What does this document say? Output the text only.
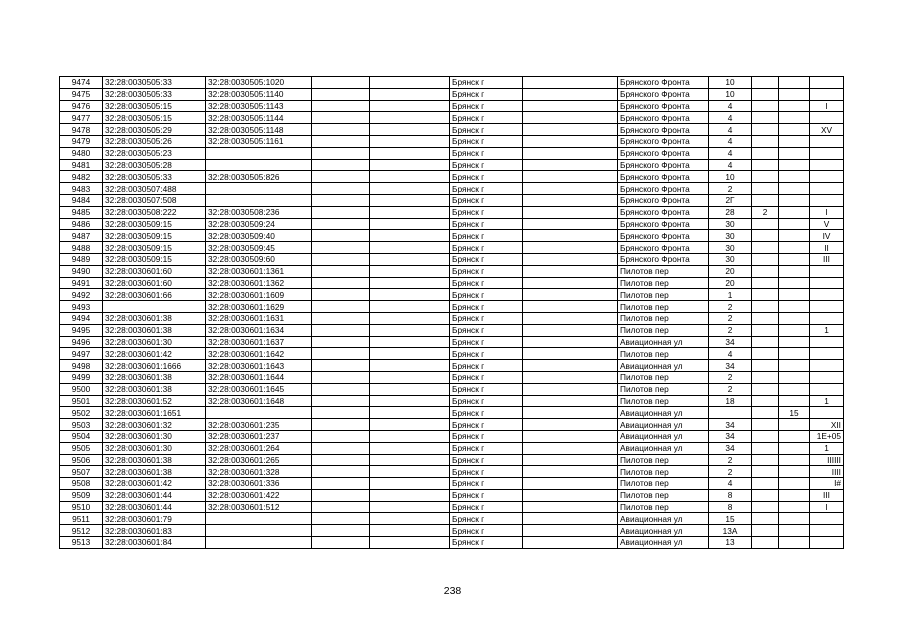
9474	32:28:0030505:33	32:28:0030505:1020			Брянск г		Брянского Фронта	10			
9475	32:28:0030505:33	32:28:0030505:1140			Брянск г		Брянского Фронта	10			
9476	32:28:0030505:15	32:28:0030505:1143			Брянск г		Брянского Фронта	4			I
9477	32:28:0030505:15	32:28:0030505:1144			Брянск г		Брянского Фронта	4			
9478	32:28:0030505:29	32:28:0030505:1148			Брянск г		Брянского Фронта	4			XV
9479	32:28:0030505:26	32:28:0030505:1161			Брянск г		Брянского Фронта	4			
9480	32:28:0030505:23				Брянск г		Брянского Фронта	4			
9481	32:28:0030505:28				Брянск г		Брянского Фронта	4			
9482	32:28:0030505:33	32:28:0030505:826			Брянск г		Брянского Фронта	10			
9483	32:28:0030507:488				Брянск г		Брянского Фронта	2			
9484	32:28:0030507:508				Брянск г		Брянского Фронта	2Г			
9485	32:28:0030508:222	32:28:0030508:236			Брянск г		Брянского Фронта	28	2		I
9486	32:28:0030509:15	32:28:0030509:24			Брянск г		Брянского Фронта	30			V
9487	32:28:0030509:15	32:28:0030509:40			Брянск г		Брянского Фронта	30			IV
9488	32:28:0030509:15	32:28:0030509:45			Брянск г		Брянского Фронта	30			II
9489	32:28:0030509:15	32:28:0030509:60			Брянск г		Брянского Фронта	30			III
9490	32:28:0030601:60	32:28:0030601:1361			Брянск г		Пилотов пер	20			
9491	32:28:0030601:60	32:28:0030601:1362			Брянск г		Пилотов пер	20			
9492	32:28:0030601:66	32:28:0030601:1609			Брянск г		Пилотов пер	1			
9493		32:28:0030601:1629			Брянск г		Пилотов пер	2			
9494	32:28:0030601:38	32:28:0030601:1631			Брянск г		Пилотов пер	2			
9495	32:28:0030601:38	32:28:0030601:1634			Брянск г		Пилотов пер	2			1
9496	32:28:0030601:30	32:28:0030601:1637			Брянск г		Авиационная ул	34			
9497	32:28:0030601:42	32:28:0030601:1642			Брянск г		Пилотов пер	4			
9498	32:28:0030601:1666	32:28:0030601:1643			Брянск г		Авиационная ул	34			
9499	32:28:0030601:38	32:28:0030601:1644			Брянск г		Пилотов пер	2			
9500	32:28:0030601:38	32:28:0030601:1645			Брянск г		Пилотов пер	2			
9501	32:28:0030601:52	32:28:0030601:1648			Брянск г		Пилотов пер	18			1
9502	32:28:0030601:1651				Брянск г		Авиационная ул			15	
9503	32:28:0030601:32	32:28:0030601:235			Брянск г		Авиационная ул	34			XII
9504	32:28:0030601:30	32:28:0030601:237			Брянск г		Авиационная ул	34			1E+05
9505	32:28:0030601:30	32:28:0030601:264			Брянск г		Авиационная ул	34			1
9506	32:28:0030601:38	32:28:0030601:265			Брянск г		Пилотов пер	2			IIIIII
9507	32:28:0030601:38	32:28:0030601:328			Брянск г		Пилотов пер	2			IIII
9508	32:28:0030601:42	32:28:0030601:336			Брянск г		Пилотов пер	4			I#
9509	32:28:0030601:44	32:28:0030601:422			Брянск г		Пилотов пер	8			III
9510	32:28:0030601:44	32:28:0030601:512			Брянск г		Пилотов пер	8			I
9511	32:28:0030601:79				Брянск г		Авиационная ул	15			
9512	32:28:0030601:83				Брянск г		Авиационная ул	13А			
9513	32:28:0030601:84				Брянск г		Авиационная ул	13			
238
